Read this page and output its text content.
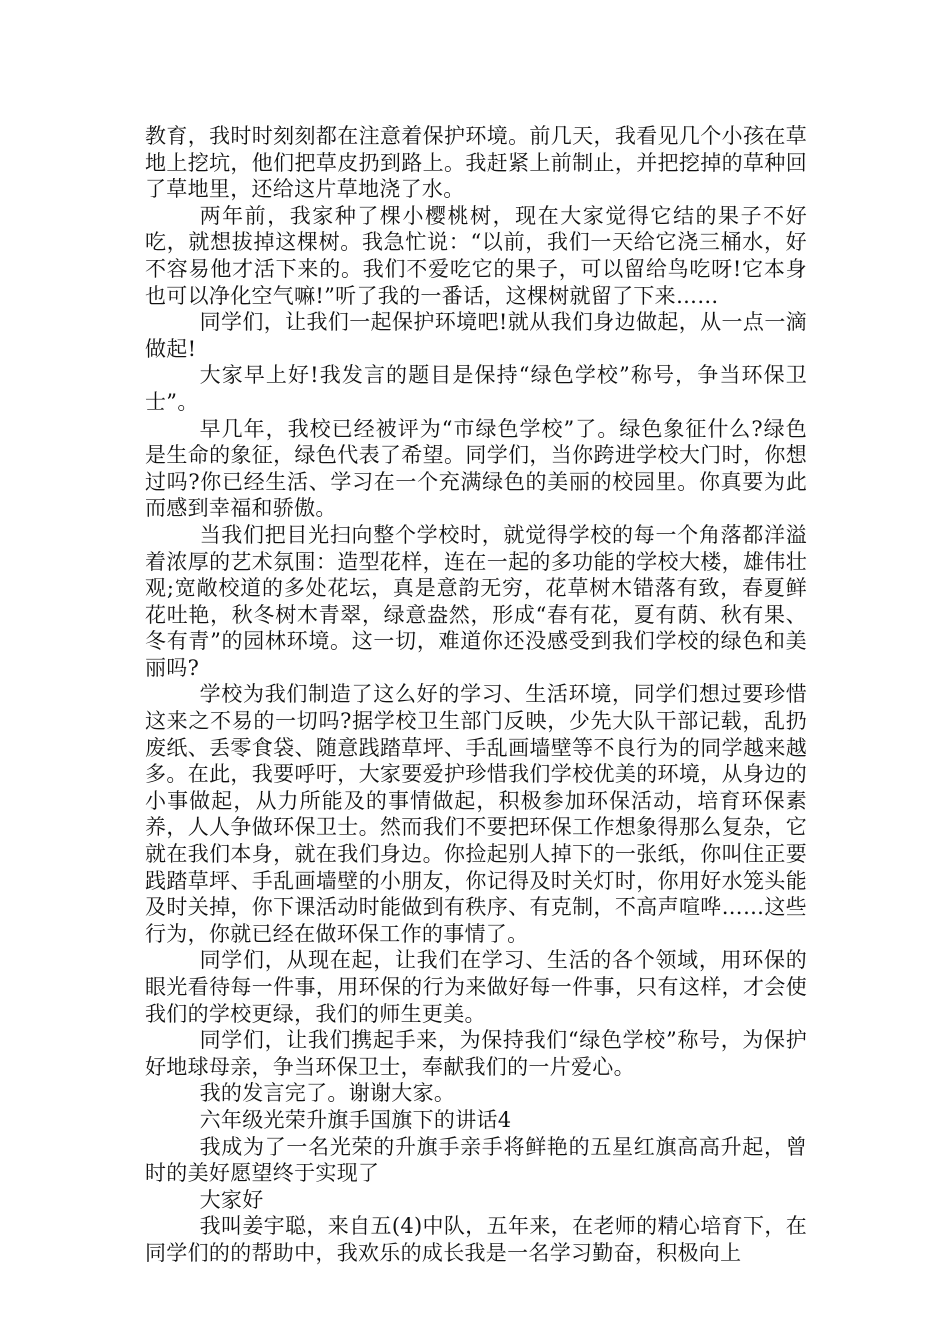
教育，我时时刻刻都在注意着保护环境。前几天，我看见几个小孩在草地上挖坑，他们把草皮扔到路上。我赶紧上前制止，并把挖掉的草种回了草地里，还给这片草地浇了水。

两年前，我家种了棵小樱桃树，现在大家觉得它结的果子不好吃，就想拔掉这棵树。我急忙说：“以前，我们一天给它浇三桶水，好不容易他才活下来的。我们不爱吃它的果子，可以留给鸟吃呀!它本身也可以净化空气嘛!”听了我的一番话，这棵树就留了下来……

同学们，让我们一起保护环境吧!就从我们身边做起，从一点一滴做起!

大家早上好!我发言的题目是保持“绿色学校”称号，争当环保卫士”。

早几年，我校已经被评为“市绿色学校”了。绿色象征什么?绿色是生命的象征，绿色代表了希望。同学们，当你跨进学校大门时，你想过吗?你已经生活、学习在一个充满绿色的美丽的校园里。你真要为此而感到幸福和骄傲。

当我们把目光扫向整个学校时，就觉得学校的每一个角落都洋溢着浓厚的艺术氛围：造型花样，连在一起的多功能的学校大楼，雄伟壮观;宽敞校道的多处花坛，真是意韵无穷，花草树木错落有致，春夏鲜花吐艳，秋冬树木青翠，绿意盎然，形成“春有花，夏有荫、秋有果、冬有青”的园林环境。这一切，难道你还没感受到我们学校的绿色和美丽吗?

学校为我们制造了这么好的学习、生活环境，同学们想过要珍惜这来之不易的一切吗?据学校卫生部门反映，少先大队干部记载，乱扔废纸、丢零食袋、随意践踏草坪、手乱画墙壁等不良行为的同学越来越多。在此，我要呼吁，大家要爱护珍惜我们学校优美的环境，从身边的小事做起，从力所能及的事情做起，积极参加环保活动，培育环保素养，人人争做环保卫士。然而我们不要把环保工作想象得那么复杂，它就在我们本身，就在我们身边。你捡起别人掉下的一张纸，你叫住正要践踏草坪、手乱画墙壁的小朋友，你记得及时关灯时，你用好水笼头能及时关掉，你下课活动时能做到有秩序、有克制，不高声喧哗……这些行为，你就已经在做环保工作的事情了。

同学们，从现在起，让我们在学习、生活的各个领域，用环保的眼光看待每一件事，用环保的行为来做好每一件事，只有这样，才会使我们的学校更绿，我们的师生更美。

同学们，让我们携起手来，为保持我们“绿色学校”称号，为保护好地球母亲，争当环保卫士，奉献我们的一片爱心。

我的发言完了。谢谢大家。

六年级光荣升旗手国旗下的讲话4

我成为了一名光荣的升旗手亲手将鲜艳的五星红旗高高升起，曾时的美好愿望终于实现了

大家好

我叫姜宇聪，来自五(4)中队，五年来，在老师的精心培育下，在同学们的的帮助中，我欢乐的成长我是一名学习勤奋，积极向上
